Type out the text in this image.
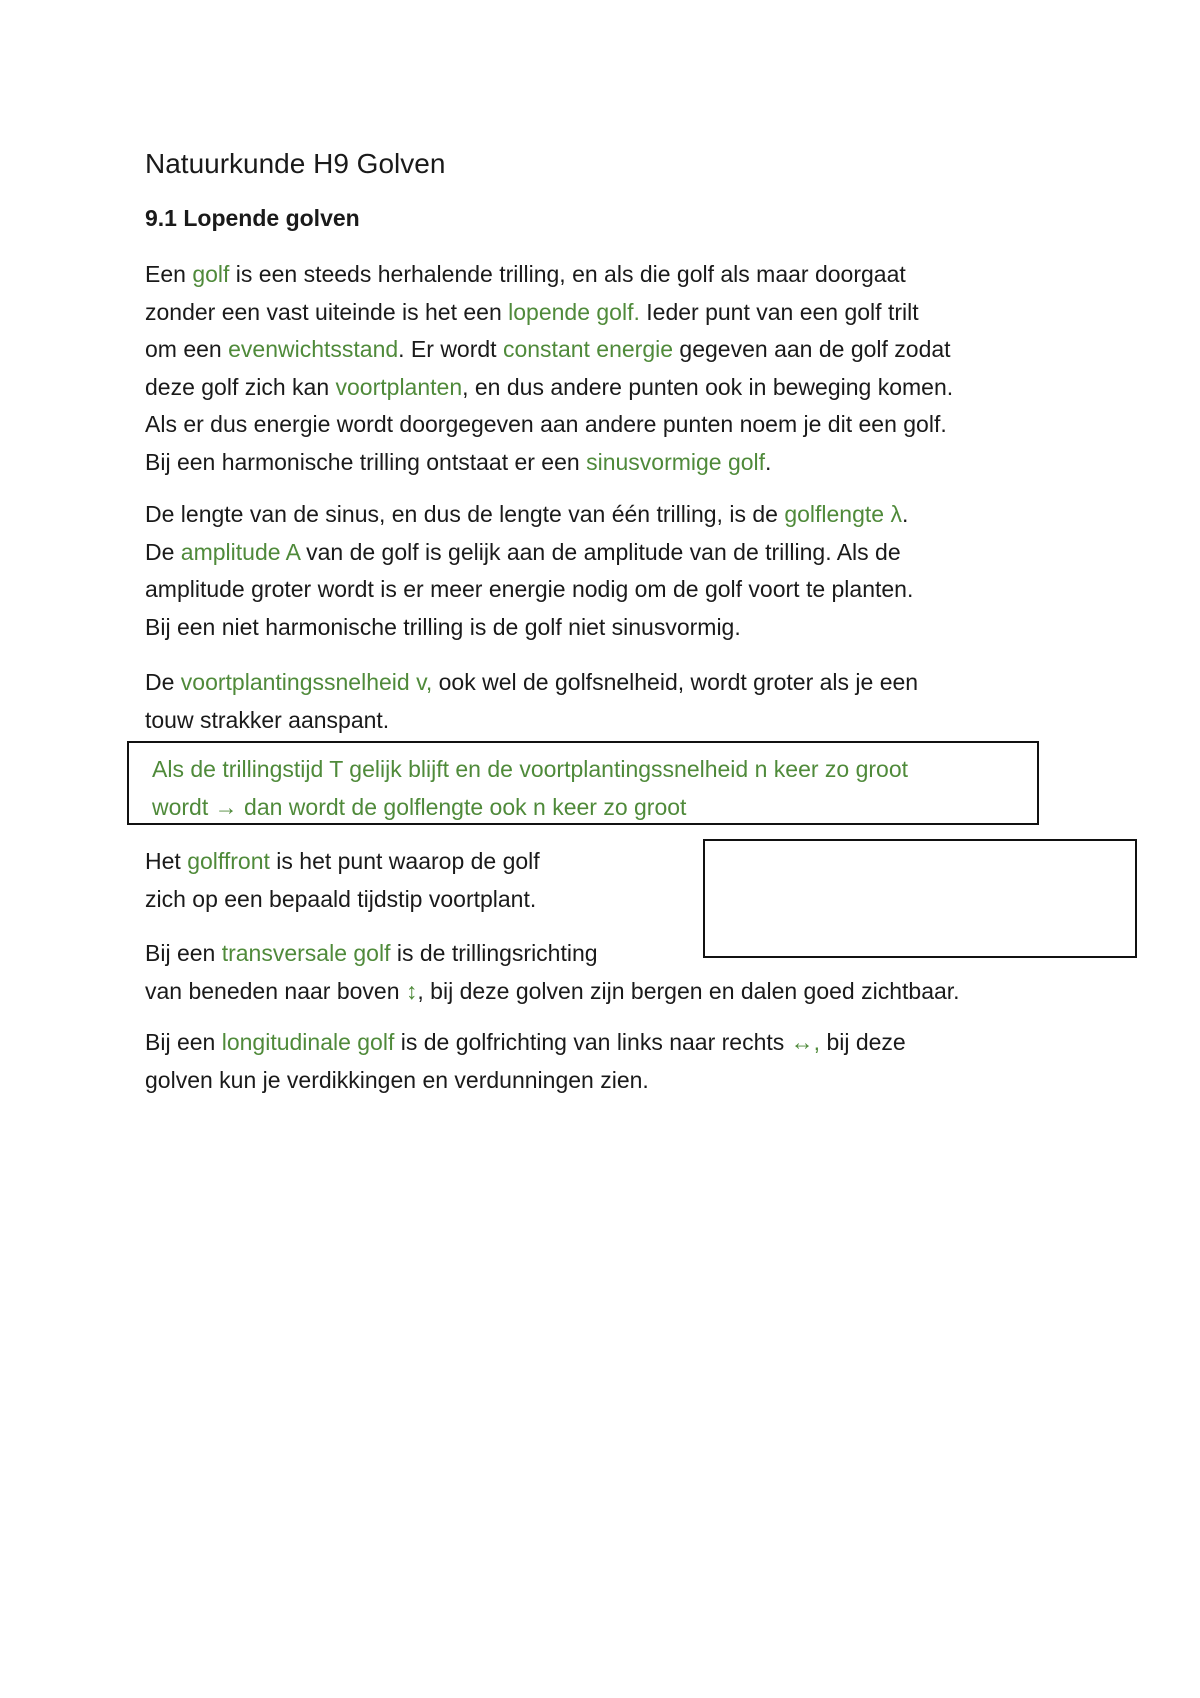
Natuurkunde H9 Golven
9.1 Lopende golven

Een golf is een steeds herhalende trilling, en als die golf als maar doorgaat
zonder een vast uiteinde is het een lopende golf. Ieder punt van een golf trilt
om een evenwichtsstand. Er wordt constant energie gegeven aan de golf zodat
deze golf zich kan voortplanten, en dus andere punten ook in beweging komen.
Als er dus energie wordt doorgegeven aan andere punten noem je dit een golf.
Bij een harmonische trilling ontstaat er een sinusvormige golf.

De lengte van de sinus, en dus de lengte van één trilling, is de golflengte λ.
De amplitude A van de golf is gelijk aan de amplitude van de trilling. Als de
amplitude groter wordt is er meer energie nodig om de golf voort te planten.
Bij een niet harmonische trilling is de golf niet sinusvormig.

De voortplantingssnelheid v, ook wel de golfsnelheid, wordt groter als je een
touw strakker aanspant.

Als de trillingstijd T gelijk blijft en de voortplantingssnelheid n keer zo groot
wordt → dan wordt de golflengte ook n keer zo groot

Het golffront is het punt waarop de golf
zich op een bepaald tijdstip voortplant.

Bij een transversale golf is de trillingsrichting
van beneden naar boven ↕, bij deze golven zijn bergen en dalen goed zichtbaar.

Bij een longitudinale golf is de golfrichting van links naar rechts ↔, bij deze
golven kun je verdikkingen en verdunningen zien.
